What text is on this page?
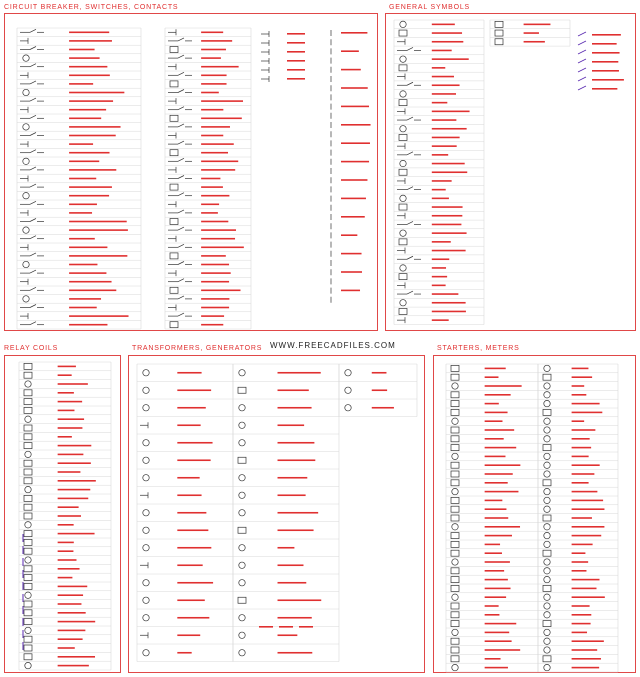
CIRCUIT BREAKER, SWITCHES, CONTACTS	GENERAL SYMBOLS
WWW.FREECADFILES.COM
RELAY COILS	TRANSFORMERS, GENERATORS	STARTERS, METERS
